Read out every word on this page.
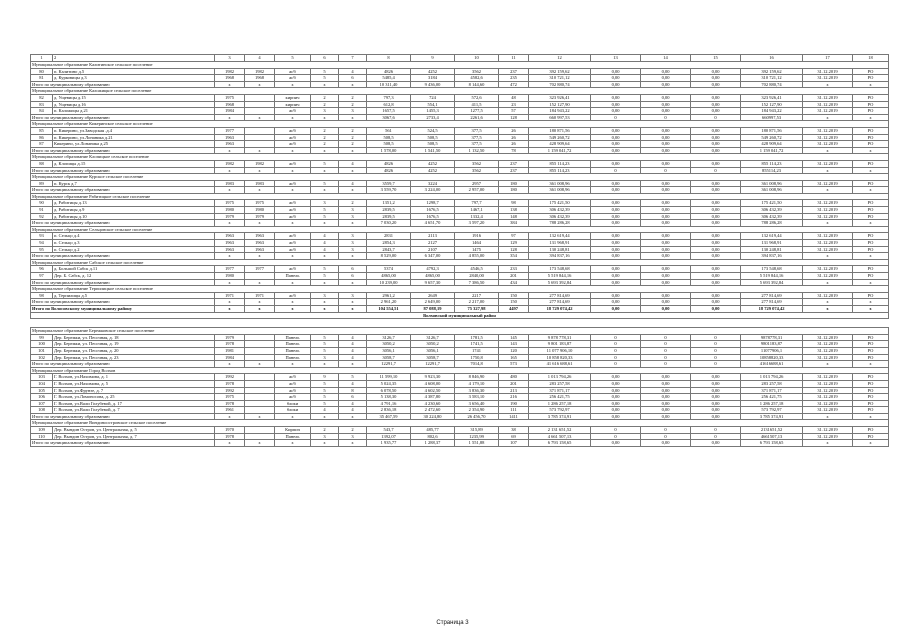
1	2	3	4	5	6	7	8	9	10	11	12	13	14	15	16	17	18
Муниципальное образование Калитинское сельское поселение																	
80	п. Калитино д.5	1982	1982	ж/б	5	4	4826	4252	3562	237	392 159,62	0,00	0,00	0,00	392 159,62	31.12.2019	РО
81	д. Курковицы д.3	1968	1968	ж/б	5	6	5485,4	3184	4582,6	235	310 721,12	0,00	0,00	0,00	310 721,12	31.12.2019	РО
Итого по муниципальному образованию		х	х	х	х	х	10 311,40	9 436,00	8 144,60	472	702 880,74	0,00	0,00	0,00	702 880,74	х	х
Муниципальное образование Каложицкое сельское поселение																	
82	д. Ущевицы д.15	1975		кирпич	2	2	797,3	724	572,6	48	323 926,41	0,00	0,00	0,00	323 926,41	31.12.2019	РО
83	д. Ущевицы д.16	1968		кирпич	2	2	612,8	554,1	411,5	23	152 127,90	0,00	0,00	0,00	152 127,90	31.12.2019	РО
84	п. Каложицы д.21	1984		ж/б	3	3	1657,5	1455,3	1277,5	57	184 943,22	0,00	0,00	0,00	184 943,22	31.12.2019	РО
Итого по муниципальному образованию		х	х	х	х	х	3067,6	2733,4	2261,6	128	660 997,53	0	0	0	660997,53	х	х
Муниципальное образование Кикеринское сельское поселение																	
85	п. Кикерино, ул.Заводская .д.4	1977		ж/б	2	2	561	524,5	377,5	26	180 871,56	0,00	0,00	0,00	180 871,56	31.12.2019	РО
86	п. Кикерино, ул.Лонаника д.21	1963		ж/б	2	2	508,5	508,5	377,5	26	549 260,72	0,00	0,00	0,00	549 260,72	31.12.2019	РО
87	Кикерино, ул.Лонаника д.25	1963		ж/б	2	2	508,5	508,5	377,5	26	428 909,64	0,00	0,00	0,00	428 909,64	31.12.2019	РО
Итого по муниципальному образованию		х	х	х	х	х	1 578,00	1 541,50	1 132,50	78	1 159 041,72	0,00	0,00	0,00	1 159 041,72	х	х
Муниципальное образование Клопицкое сельское поселение																	
88	д. Клопицы д.15	1982	1982	ж/б	5	4	4826	4252	3562	237	855 114,23	0,00	0,00	0,00	855 114,23	31.12.2019	РО
Итого по муниципальному образованию		х	х	х	х	х	4826	4252	3562	237	855 114,23	0	0	0	855114,23	х	х
Муниципальное образование Курское сельское поселение																	
89	п. Курск д.7	1983	1983	ж/б	5	4	3559,7	3224	2957	180	361 008,96	0,00	0,00	0,00	361 008,96	31.12.2019	РО
Итого по муниципальному образованию		х	х	х	х	х	3 559,70	3 224,00	2 957,00	180	361 008,96	0,00	0,00	0,00	361 008,96	х	х
Муниципальное образование Рабитицкое сельское поселение																	
90	д. Рабитицы д.13	1975	1975	ж/б	3	2	1351,2	1298,7	797,7	98	175 421,50	0,00	0,00	0,00	175 421,50	31.12.2019	РО
91	д. Рабитицы д.9	1980	1980	ж/б	5	3	2839,5	1676,5	1467,1	138	306 432,39	0,00	0,00	0,00	306 432,39	31.12.2019	РО
92	д. Рабитицы д.10	1979	1979	ж/б	5	3	2839,5	1676,5	1332,4	148	306 432,39	0,00	0,00	0,00	306 432,39	31.12.2019	РО
Итого по муниципальному образованию		х	х	х	х	х	7 030,20	4 651,70	3 597,20	384	788 286,28	0,00	0,00	0,00	788 286,28	х	х
Муниципальное образование Сельцовское сельское поселение																	
93	п. Сельцо д.4	1963	1963	ж/б	4	3	2831	2113	1916	97	132 619,44	0,00	0,00	0,00	132 619,44	31.12.2019	РО
94	п. Сельцо д.3	1963	1963	ж/б	4	3	2854,3	2127	1464	129	131 968,91	0,00	0,00	0,00	131 968,91	31.12.2019	РО
95	п. Сельцо д.2	1963	1963	ж/б	4	3	2843,7	2107	1475	128	130 248,81	0,00	0,00	0,00	130 248,81	31.12.2019	РО
Итого по муниципальному образованию		х	х	х	х	х	8 529,00	6 347,00	4 855,00	354	394 837,16	0,00	0,00	0,00	394 837,16	х	х
Муниципальное образование Сабское сельское поселение																	
96	д. Большой Сабск д.11	1977	1977	ж/б	5	6	5374	4792,3	4546,5	233	173 548,68	0,00	0,00	0,00	173 548,68	31.12.2019	РО
97	Дер. Б. Сабск, д. 12	1980		Панель	5	6	4865,00	4865,00	2840,00	201	5 519 844,16	0,00	0,00	0,00	5 519 844,16	31.12.2019	РО
Итого по муниципальному образованию		х	х	х	х	х	10 239,00	9 657,30	7 386,50	434	5 693 392,84	0,00	0,00	0,00	5 693 392,84	х	х
Муниципальное образование Терпилицкое сельское поселение																	
98	д. Терпилицы д.5	1971	1971	ж/б	3	3	2961,2	2649	2217	150	277 814,69	0,00	0,00	0,00	277 814,69	31.12.2019	РО
Итого по муниципальному образованию		х	х	х	х	х	2 961,20	2 649,00	2 217,00	150	277 814,69	0,00	0,00	0,00	277 814,69	х	х
Итого по Волосовскому муниципальному району		х	х	х	х	х	104 554,51	87 088,19	75 327,98	4497	18 729 074,42	0,00	0,00	0,00	18 729 074,42	х	х
Волховский муниципальный район																	

Муниципальное образование Бережковское сельское поселение																	
99	Дер. Бережки, ул. Песочная, д. 18	1979		Панель	5	4	3126,7	3126,7	1781,5	145	9 878 778,31	0	0	0	9878778,31	31.12.2019	РО
100	Дер. Бережки, ул. Песочная, д. 19	1978		Панель	5	4	3050,2	3050,2	1741,5	143	9 801 183,87	0	0	0	9801183,87	31.12.2019	РО
101	Дер. Бережки, ул. Песочная, д. 20	1981		Панель	5	4	3056,1	3056,1	1741	120	11 077 906,10	0	0	0	11077906,1	31.12.2019	РО
102	Дер. Бережки, ул. Песочная, д. 23	1984		Панель	3	4	3058,7	3058,7	1750,8	165	10 858 820,33	0	0	0	10858820,33	31.12.2019	РО
Итого по муниципальному образованию		х	х	х	х	х	12291,7	12291,7	7014,8	573	41 616 688,61	0	0	0	41616688,61	х	х
Муниципальное образование Город Волхов																	
103	Г. Волхов, ул.Нахимова, д. 1	1992		ж/б	9	5	11 599,10	9 923,30	8 846,90	480	1 013 794,26	0,00	0,00	0,00	1 013 794,26	31.12.2019	РО
104	Г. Волхов, ул.Нахимова, д. 5	1978		ж/б	5	4	5 024,35	4 608,00	4 179,10	201	283 257,58	0,00	0,00	0,00	283 257,58	31.12.2019	РО
105	Г. Волхов, ул.Фрунзе, д. 7	1992		ж/б	5	8	6 078,50	4 602,50	3 836,30	213	371 871,17	0,00	0,00	0,00	371 871,17	31.12.2019	РО
106	Г. Волхов, ул.Ломоносова, д. 25	1975		ж/б	5	6	5 138,30	4 387,80	3 583,10	216	256 421,75	0,00	0,00	0,00	256 421,75	31.12.2019	РО
107	Г. Волхов, ул.Вали Голубевой, д. 17	1978		блоки	5	4	4 791,16	4 230,60	3 656,40	190	1 286 257,18	0,00	0,00	0,00	1 286 257,18	31.12.2019	РО
108	Г. Волхов, ул.Вали Голубевой, д. 7	1961		блоки	4	4	2 836,18	2 472,60	2 354,90	111	573 792,97	0,00	0,00	0,00	573 792,97	31.12.2019	РО
Итого по муниципальному образованию		х	х	х	х	х	35 467,59	30 224,80	26 456,70	1411	3 785 374,91	0,00	0,00	0,00	3 785 374,91	х	х
Муниципальное образование Виндиноостровское сельское поселение																	
109	Дер. Вындин Остров, ул. Центральная, д. 5	1970		Кирпич	2	2	543,7	485,77	315,89	38	2 131 651,52	0	0	0	2131651,52	31.12.2019	РО
110	Дер. Вындин Остров, ул. Центральная, д. 7	1978		Панель	3	3	1392,07	802,6	1235,99	69	4 661 507,13	0	0	0	4661507,13	31.12.2019	РО
Итого по муниципальному образованию		х	х	х	х	х	1 935,77	1 288,37	1 551,88	107	6 793 158,65	0,00	0,00	0,00	6 793 158,65	х	х
Страница 3
